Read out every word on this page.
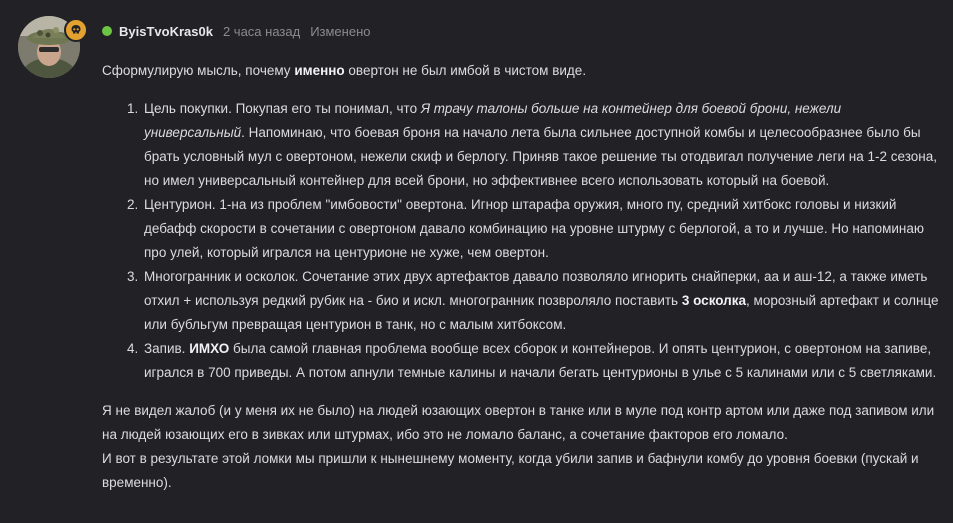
ByisTvoKras0k 2 часа назад Изменено

Сформулирую мысль, почему именно овертон не был имбой в чистом виде.

1. Цель покупки. Покупая его ты понимал, что Я трачу талоны больше на контейнер для боевой брони, нежели универсальный. Напоминаю, что боевая броня на начало лета была сильнее доступной комбы и целесообразнее было бы брать условный мул с овертоном, нежели скиф и берлогу. Приняв такое решение ты отодвигал получение леги на 1-2 сезона, но имел универсальный контейнер для всей брони, но эффективнее всего использовать который на боевой.
2. Центурион. 1-на из проблем "имбовости" овертона. Игнор штарафа оружия, много пу, средний хитбокс головы и низкий дебафф скорости в сочетании с овертоном давало комбинацию на уровне штурму с берлогой, а то и лучше. Но напоминаю про улей, который игрался на центурионе не хуже, чем овертон.
3. Многогранник и осколок. Сочетание этих двух артефактов давало позволяло игнорить снайперки, аа и аш-12, а также иметь отхил + используя редкий рубик на - био и искл. многогранник позвроляло поставить 3 осколка, морозный артефакт и солнце или бубльгум превращая центурион в танк, но с малым хитбоксом.
4. Запив. ИМХО была самой главная проблема вообще всех сборок и контейнеров. И опять центурион, с овертоном на запиве, игрался в 700 приведы. А потом апнули темные калины и начали бегать центурионы в улье с 5 калинами или с 5 светляками.

Я не видел жалоб (и у меня их не было) на людей юзающих овертон в танке или в муле под контр артом или даже под запивом или на людей юзающих его в зивках или штурмах, ибо это не ломало баланс, а сочетание факторов его ломало.
И вот в результате этой ломки мы пришли к нынешнему моменту, когда убили запив и бафнули комбу до уровня боевки (пускай и временно).
